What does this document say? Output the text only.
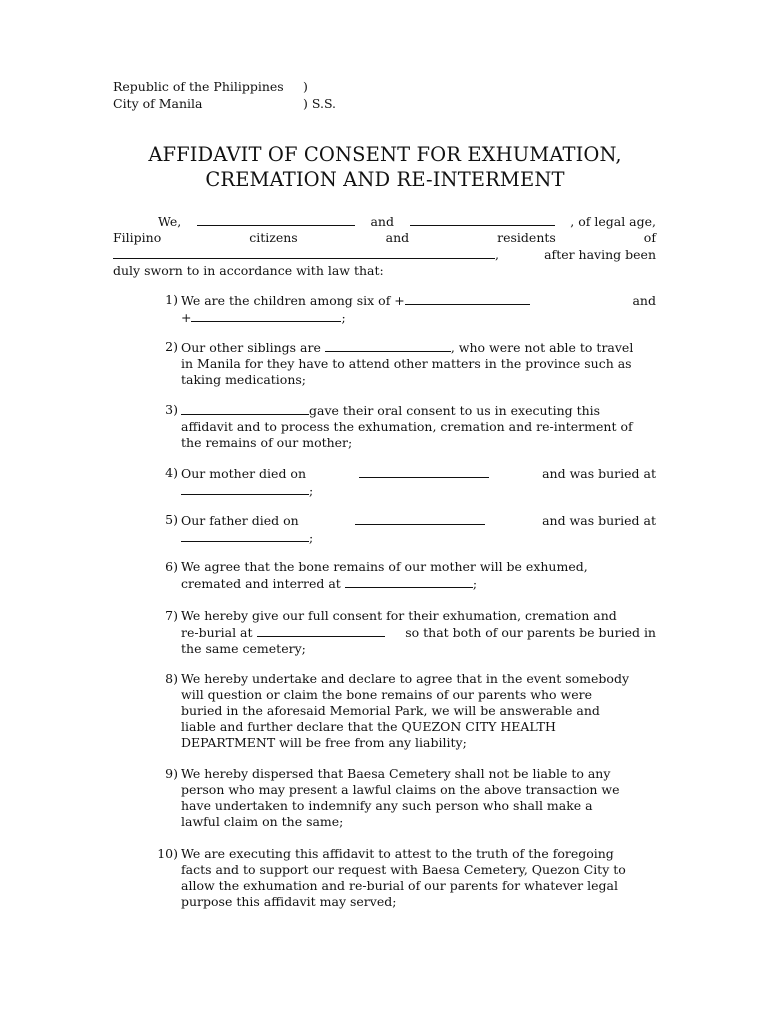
Republic of the Philippines )
City of Manila	) S.S.
AFFIDAVIT OF CONSENT FOR EXHUMATION,
CREMATION AND RE-INTERMENT
We,	and	, of legal age,
Filipino	citizens	and	residents	of
,	after having been
duly sworn to in accordance with law that:
1) We are the children among six of +	and
+	;
2) Our other siblings are	, who were not able to travel

in Manila for they have to attend other matters in the province such as

taking medications;

3)	gave their oral consent to us in executing this

affidavit and to process the exhumation, cremation and re-interment of

the remains of our mother;

4) Our mother died on	and was buried at
;
5) Our father died on	and was buried at
;
6) We agree that the bone remains of our mother will be exhumed,

cremated and interred at
	;
7) We hereby give our full consent for their exhumation, cremation and

re-burial at	so that both of our parents be buried in

the same cemetery;

8) We hereby undertake and declare to agree that in the event somebody

will question or claim the bone remains of our parents who were

buried in the aforesaid Memorial Park, we will be answerable and

liable and further declare that the QUEZON CITY HEALTH

DEPARTMENT will be free from any liability;

9) We hereby dispersed that Baesa Cemetery shall not be liable to any

person who may present a lawful claims on the above transaction we

have undertaken to indemnify any such person who shall make a

lawful claim on the same;

10) We are executing this affidavit to attest to the truth of the foregoing

facts and to support our request with Baesa Cemetery, Quezon City to

allow the exhumation and re-burial of our parents for whatever legal

purpose this affidavit may served;
